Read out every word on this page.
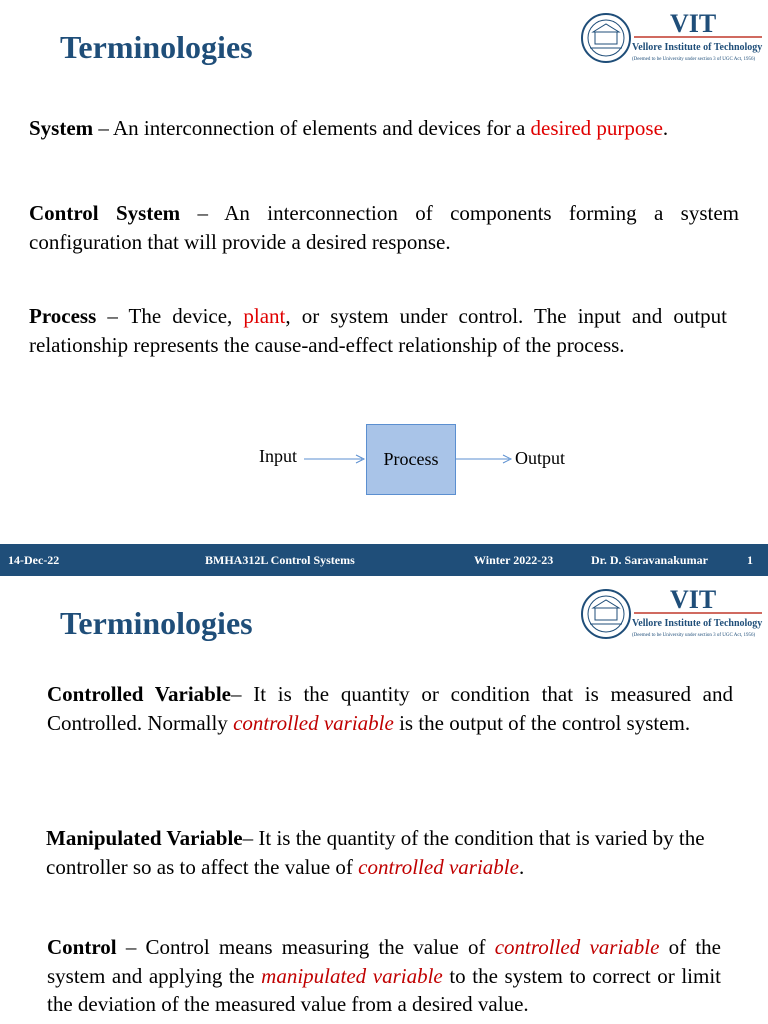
Terminologies
VIT
Vellore Institute of Technology
(Deemed to be University under section 3 of UGC Act, 1956)
System – An interconnection of elements and devices for a desired purpose.
Control System – An interconnection of components forming a system configuration that will provide a desired response.
Process – The device, plant, or system under control. The input and output relationship represents the cause-and-effect relationship of the process.
Input	Process	Output
14-Dec-22	BMHA312L Control Systems	Winter 2022-23	Dr. D. Saravanakumar	1
Terminologies
VIT
Vellore Institute of Technology
(Deemed to be University under section 3 of UGC Act, 1956)
Controlled Variable– It is the quantity or condition that is measured and Controlled. Normally controlled variable is the output of the control system.
Manipulated Variable– It is the quantity of the condition that is varied by the controller so as to affect the value of controlled variable.
Control – Control means measuring the value of controlled variable of the system and applying the manipulated variable to the system to correct or limit the deviation of the measured value from a desired value.
